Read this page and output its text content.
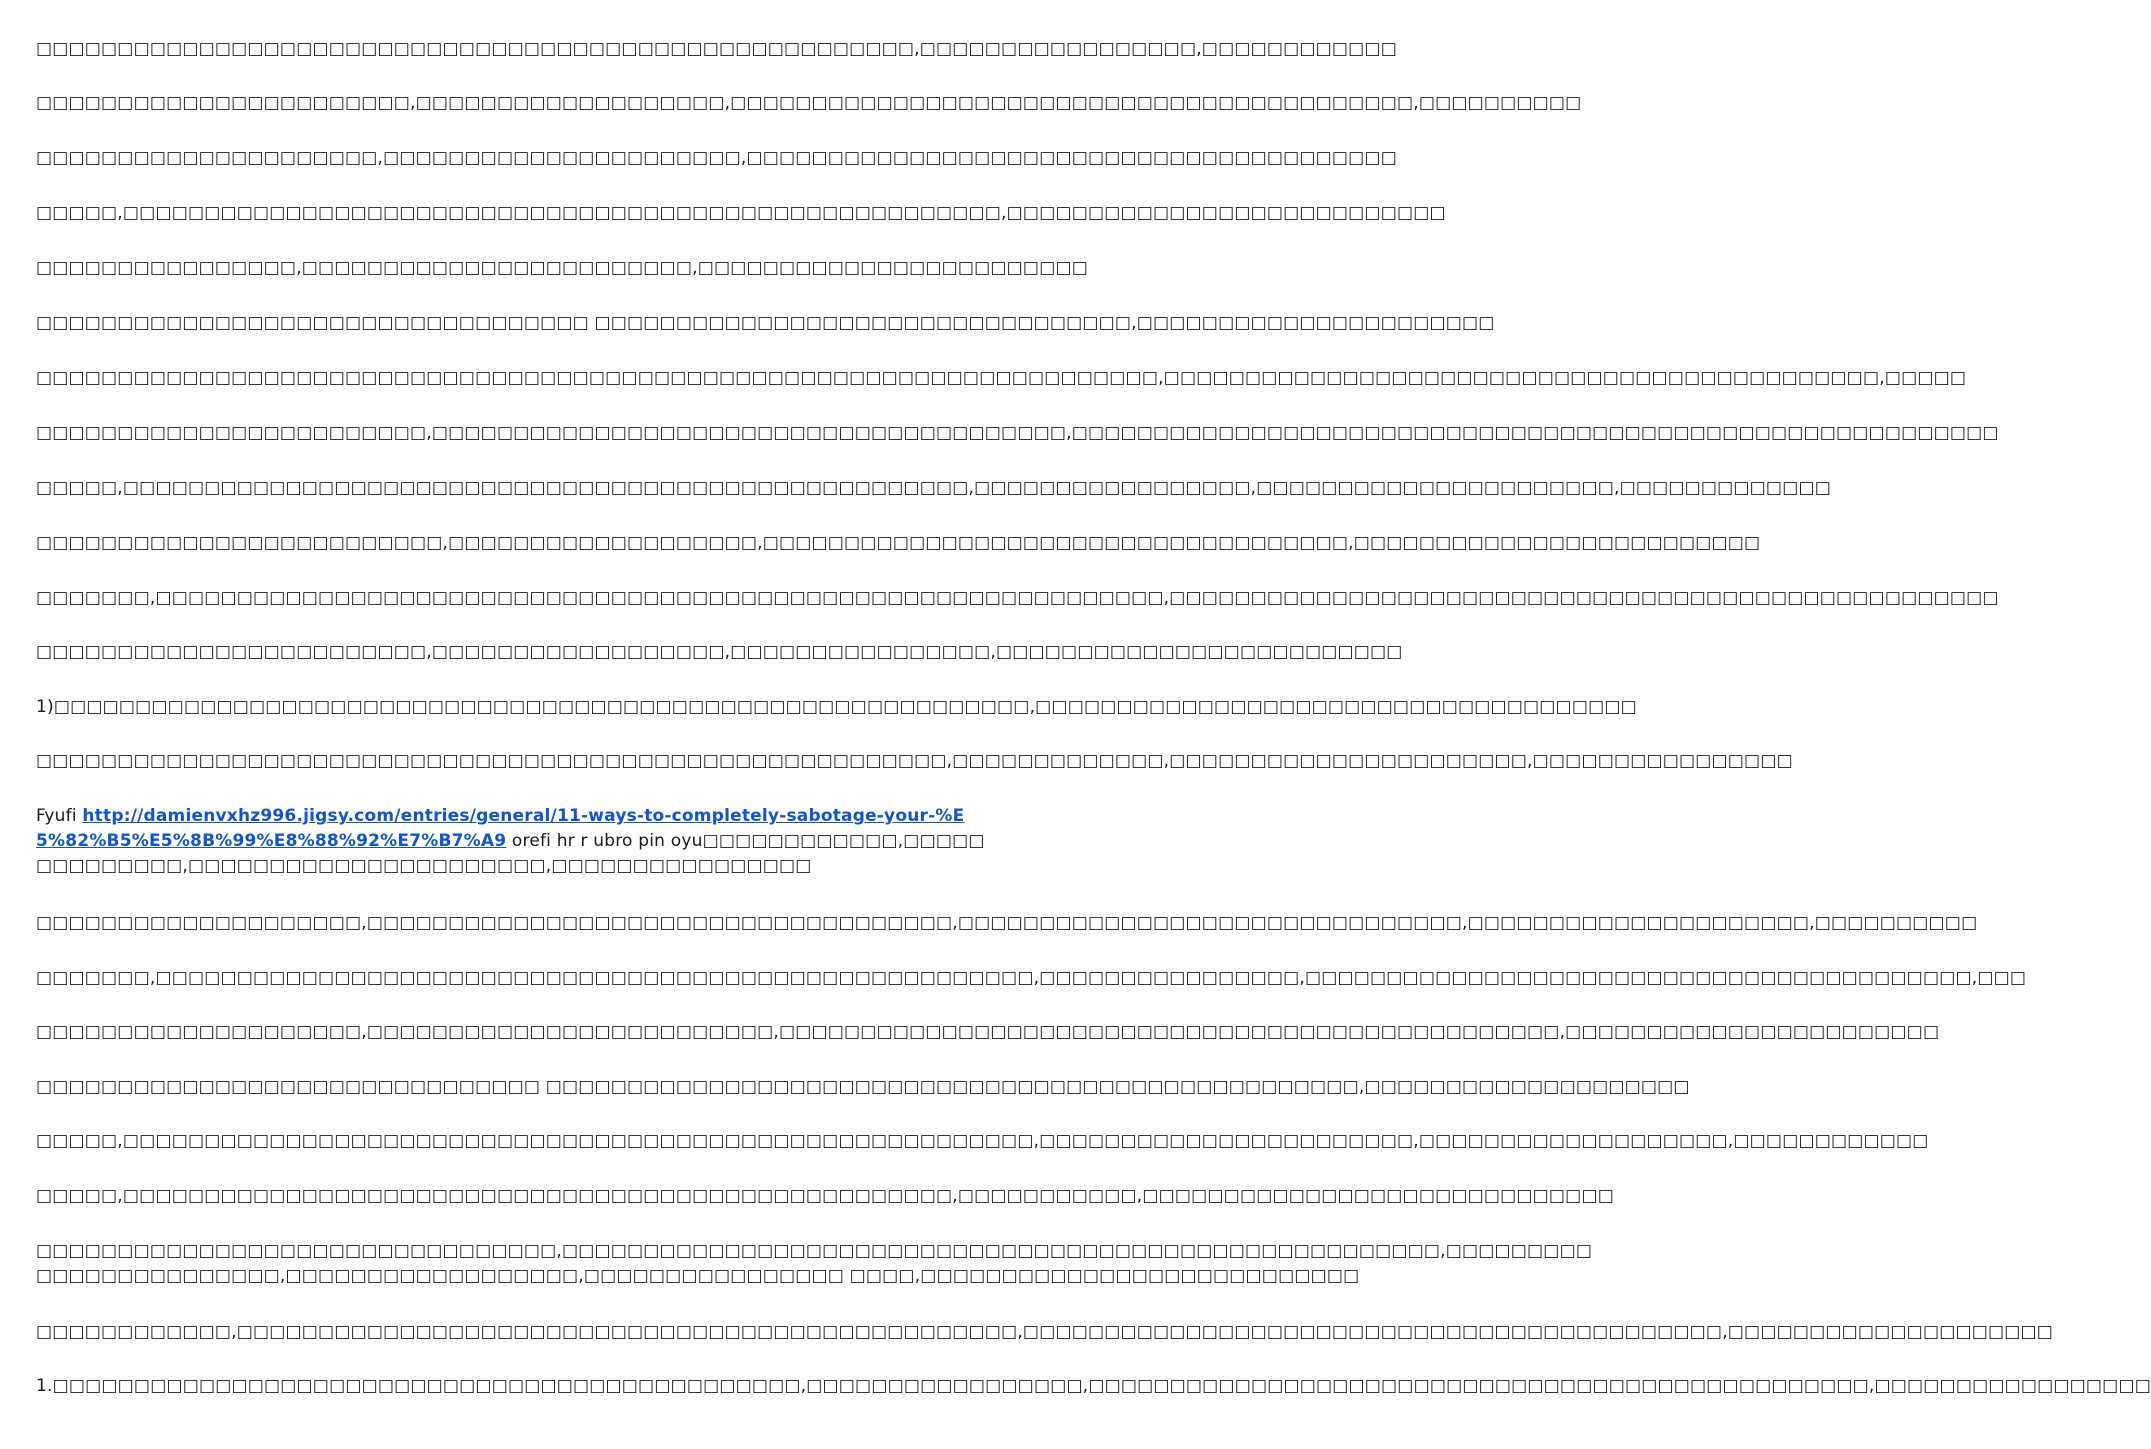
□□□□□□□□□□□□□□□□□□□□□□□□□□□□□□□□□□□□□□□□□□□□□□□□□□□□□□,□□□□□□□□□□□□□□□□□,□□□□□□□□□□□□

□□□□□□□□□□□□□□□□□□□□□□□,□□□□□□□□□□□□□□□□□□□,□□□□□□□□□□□□□□□□□□□□□□□□□□□□□□□□□□□□□□□□□□,□□□□□□□□□□

□□□□□□□□□□□□□□□□□□□□□,□□□□□□□□□□□□□□□□□□□□□□,□□□□□□□□□□□□□□□□□□□□□□□□□□□□□□□□□□□□□□□□

□□□□□,□□□□□□□□□□□□□□□□□□□□□□□□□□□□□□□□□□□□□□□□□□□□□□□□□□□□□□,□□□□□□□□□□□□□□□□□□□□□□□□□□□

□□□□□□□□□□□□□□□□,□□□□□□□□□□□□□□□□□□□□□□□□,□□□□□□□□□□□□□□□□□□□□□□□□

□□□□□□□□□□□□□□□□□□□□□□□□□□□□□□□□□□ □□□□□□□□□□□□□□□□□□□□□□□□□□□□□□□□□,□□□□□□□□□□□□□□□□□□□□□□

□□□□□□□□□□□□□□□□□□□□□□□□□□□□□□□□□□□□□□□□□□□□□□□□□□□□□□□□□□□□□□□□□□□□□,□□□□□□□□□□□□□□□□□□□□□□□□□□□□□□□□□□□□□□□□□□□□,□□□□□

□□□□□□□□□□□□□□□□□□□□□□□□,□□□□□□□□□□□□□□□□□□□□□□□□□□□□□□□□□□□□□□□,□□□□□□□□□□□□□□□□□□□□□□□□□□□□□□□□□□□□□□□□□□□□□□□□□□□□□□□□□

□□□□□,□□□□□□□□□□□□□□□□□□□□□□□□□□□□□□□□□□□□□□□□□□□□□□□□□□□□,□□□□□□□□□□□□□□□□□,□□□□□□□□□□□□□□□□□□□□□□,□□□□□□□□□□□□□

□□□□□□□□□□□□□□□□□□□□□□□□□,□□□□□□□□□□□□□□□□□□□,□□□□□□□□□□□□□□□□□□□□□□□□□□□□□□□□□□□□,□□□□□□□□□□□□□□□□□□□□□□□□□

□□□□□□□,□□□□□□□□□□□□□□□□□□□□□□□□□□□□□□□□□□□□□□□□□□□□□□□□□□□□□□□□□□□□□□,□□□□□□□□□□□□□□□□□□□□□□□□□□□□□□□□□□□□□□□□□□□□□□□□□□□

□□□□□□□□□□□□□□□□□□□□□□□□,□□□□□□□□□□□□□□□□□□,□□□□□□□□□□□□□□□□,□□□□□□□□□□□□□□□□□□□□□□□□□

1)□□□□□□□□□□□□□□□□□□□□□□□□□□□□□□□□□□□□□□□□□□□□□□□□□□□□□□□□□□□□,□□□□□□□□□□□□□□□□□□□□□□□□□□□□□□□□□□□□□

□□□□□□□□□□□□□□□□□□□□□□□□□□□□□□□□□□□□□□□□□□□□□□□□□□□□□□□□,□□□□□□□□□□□□□,□□□□□□□□□□□□□□□□□□□□□□,□□□□□□□□□□□□□□□□

Fyufi http://damienvxhz996.jigsy.com/entries/general/11-ways-to-completely-sabotage-your-%E5%82%B5%E5%8B%99%E8%88%92%E7%B7%A9 orefi hr r ubro pin oyu□□□□□□□□□□□□,□□□□□□□□□□□□□□,□□□□□□□□□□□□□□□□□□□□□□,□□□□□□□□□□□□□□□□

□□□□□□□□□□□□□□□□□□□□,□□□□□□□□□□□□□□□□□□□□□□□□□□□□□□□□□□□□,□□□□□□□□□□□□□□□□□□□□□□□□□□□□□□□,□□□□□□□□□□□□□□□□□□□□□,□□□□□□□□□□

□□□□□□□,□□□□□□□□□□□□□□□□□□□□□□□□□□□□□□□□□□□□□□□□□□□□□□□□□□□□□□,□□□□□□□□□□□□□□□□,□□□□□□□□□□□□□□□□□□□□□□□□□□□□□□□□□□□□□□□□□,□□□

□□□□□□□□□□□□□□□□□□□□,□□□□□□□□□□□□□□□□□□□□□□□□□,□□□□□□□□□□□□□□□□□□□□□□□□□□□□□□□□□□□□□□□□□□□□□□□□,□□□□□□□□□□□□□□□□□□□□□□□

□□□□□□□□□□□□□□□□□□□□□□□□□□□□□□□ □□□□□□□□□□□□□□□□□□□□□□□□□□□□□□□□□□□□□□□□□□□□□□□□□□,□□□□□□□□□□□□□□□□□□□□

□□□□□,□□□□□□□□□□□□□□□□□□□□□□□□□□□□□□□□□□□□□□□□□□□□□□□□□□□□□□□□,□□□□□□□□□□□□□□□□□□□□□□□,□□□□□□□□□□□□□□□□□□□,□□□□□□□□□□□□

□□□□□,□□□□□□□□□□□□□□□□□□□□□□□□□□□□□□□□□□□□□□□□□□□□□□□□□□□,□□□□□□□□□□□,□□□□□□□□□□□□□□□□□□□□□□□□□□□□□

□□□□□□□□□□□□□□□□□□□□□□□□□□□□□□□□,□□□□□□□□□□□□□□□□□□□□□□□□□□□□□□□□□□□□□□□□□□□□□□□□□□□□□□,□□□□□□□□□

□□□□□□□□□□□□□□□,□□□□□□□□□□□□□□□□□□,□□□□□□□□□□□□□□□□ □□□□,□□□□□□□□□□□□□□□□□□□□□□□□□□□

□□□□□□□□□□□□,□□□□□□□□□□□□□□□□□□□□□□□□□□□□□□□□□□□□□□□□□□□□□□□□,□□□□□□□□□□□□□□□□□□□□□□□□□□□□□□□□□□□□□□□□□□□,□□□□□□□□□□□□□□□□□□□□

1.□□□□□□□□□□□□□□□□□□□□□□□□□□□□□□□□□□□□□□□□□□□□□□,□□□□□□□□□□□□□□□□□,□□□□□□□□□□□□□□□□□□□□□□□□□□□□□□□□□□□□□□□□□□□□□□□□,□□□□□□□□□□□□□□□□□
